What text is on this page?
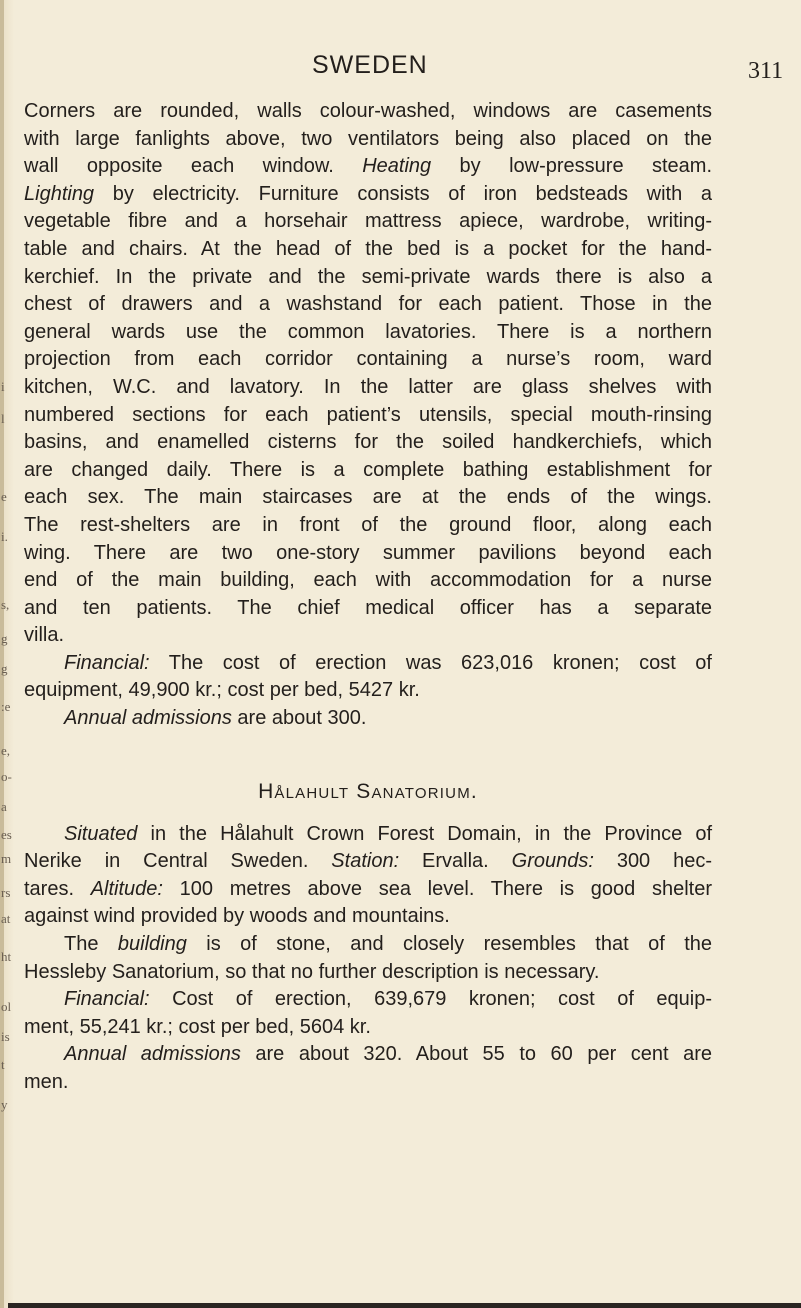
i
l
e
i.
s,
g
g
:e
e,
o-
a
es
m
rs
at
ht
ol
is
t
y
SWEDEN	311
Corners are rounded, walls colour-washed, windows are casements
with large fanlights above, two ventilators being also placed on the
wall opposite each window. Heating by low-pressure steam.
Lighting by electricity. Furniture consists of iron bedsteads with a
vegetable fibre and a horsehair mattress apiece, wardrobe, writing-
table and chairs. At the head of the bed is a pocket for the hand-
kerchief. In the private and the semi-private wards there is also a
chest of drawers and a washstand for each patient. Those in the
general wards use the common lavatories. There is a northern
projection from each corridor containing a nurse’s room, ward
kitchen, W.C. and lavatory. In the latter are glass shelves with
numbered sections for each patient’s utensils, special mouth-rinsing
basins, and enamelled cisterns for the soiled handkerchiefs, which
are changed daily. There is a complete bathing establishment for
each sex. The main staircases are at the ends of the wings.
The rest-shelters are in front of the ground floor, along each
wing. There are two one-story summer pavilions beyond each
end of the main building, each with accommodation for a nurse
and ten patients. The chief medical officer has a separate
villa.
Financial: The cost of erection was 623,016 kronen; cost of
equipment, 49,900 kr.; cost per bed, 5427 kr.
Annual admissions are about 300.
Hålahult Sanatorium.
Situated in the Hålahult Crown Forest Domain, in the Province of
Nerike in Central Sweden. Station: Ervalla. Grounds: 300 hec-
tares. Altitude: 100 metres above sea level. There is good shelter
against wind provided by woods and mountains.
The building is of stone, and closely resembles that of the
Hessleby Sanatorium, so that no further description is necessary.
Financial: Cost of erection, 639,679 kronen; cost of equip-
ment, 55,241 kr.; cost per bed, 5604 kr.
Annual admissions are about 320. About 55 to 60 per cent are
men.
